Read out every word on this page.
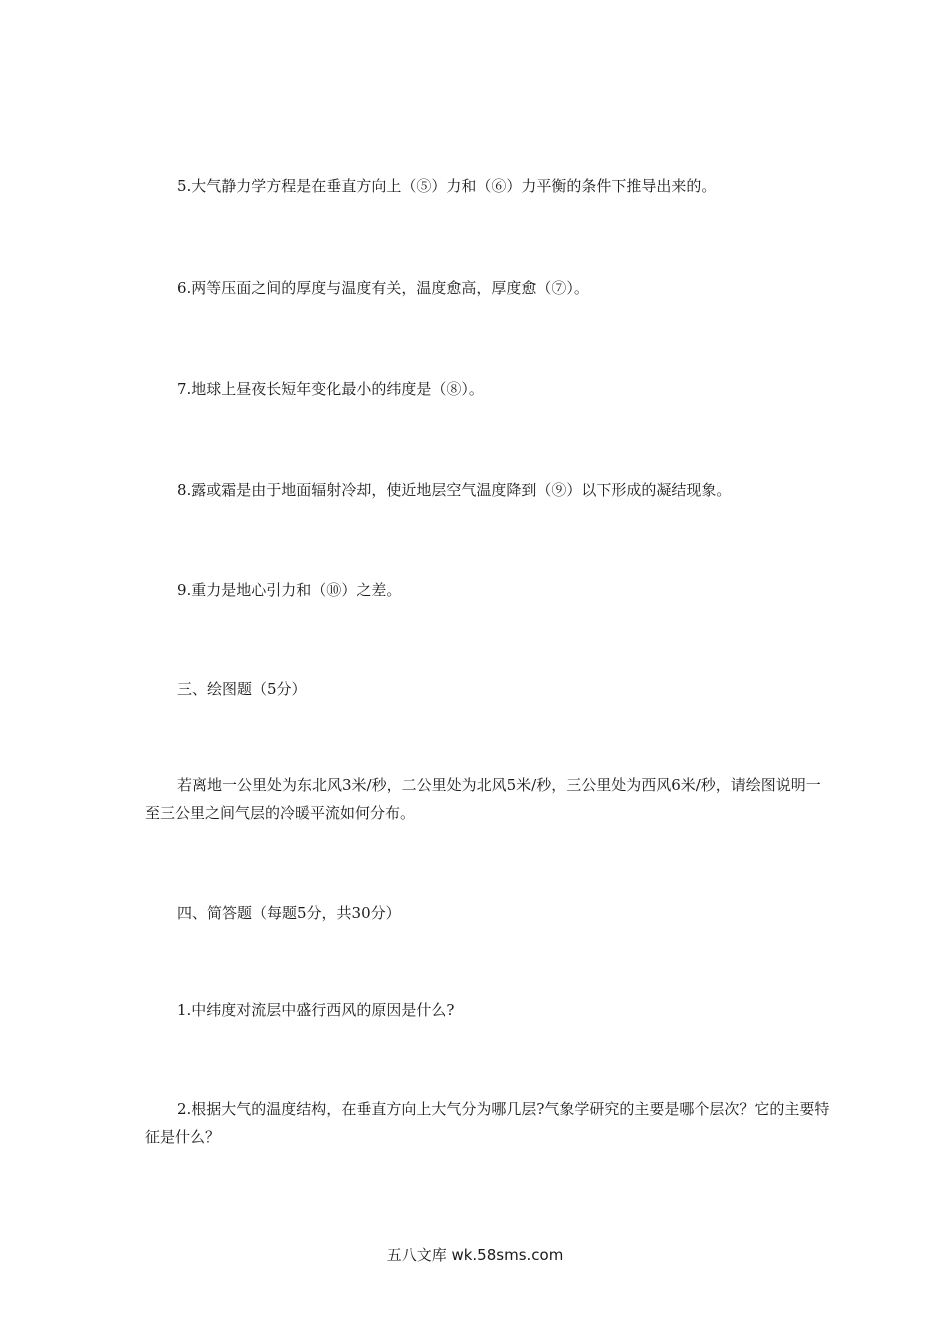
5.大气静力学方程是在垂直方向上（⑤）力和（⑥）力平衡的条件下推导出来的。
6.两等压面之间的厚度与温度有关，温度愈高，厚度愈（⑦）。
7.地球上昼夜长短年变化最小的纬度是（⑧）。
8.露或霜是由于地面辐射冷却，使近地层空气温度降到（⑨）以下形成的凝结现象。
9.重力是地心引力和（⑩）之差。
三、绘图题（5分）
若离地一公里处为东北风3米/秒，二公里处为北风5米/秒，三公里处为西风6米/秒，请绘图说明一至三公里之间气层的冷暖平流如何分布。
四、简答题（每题5分，共30分）
1.中纬度对流层中盛行西风的原因是什么?
2.根据大气的温度结构，在垂直方向上大气分为哪几层?气象学研究的主要是哪个层次？它的主要特征是什么？
五八文库 wk.58sms.com
